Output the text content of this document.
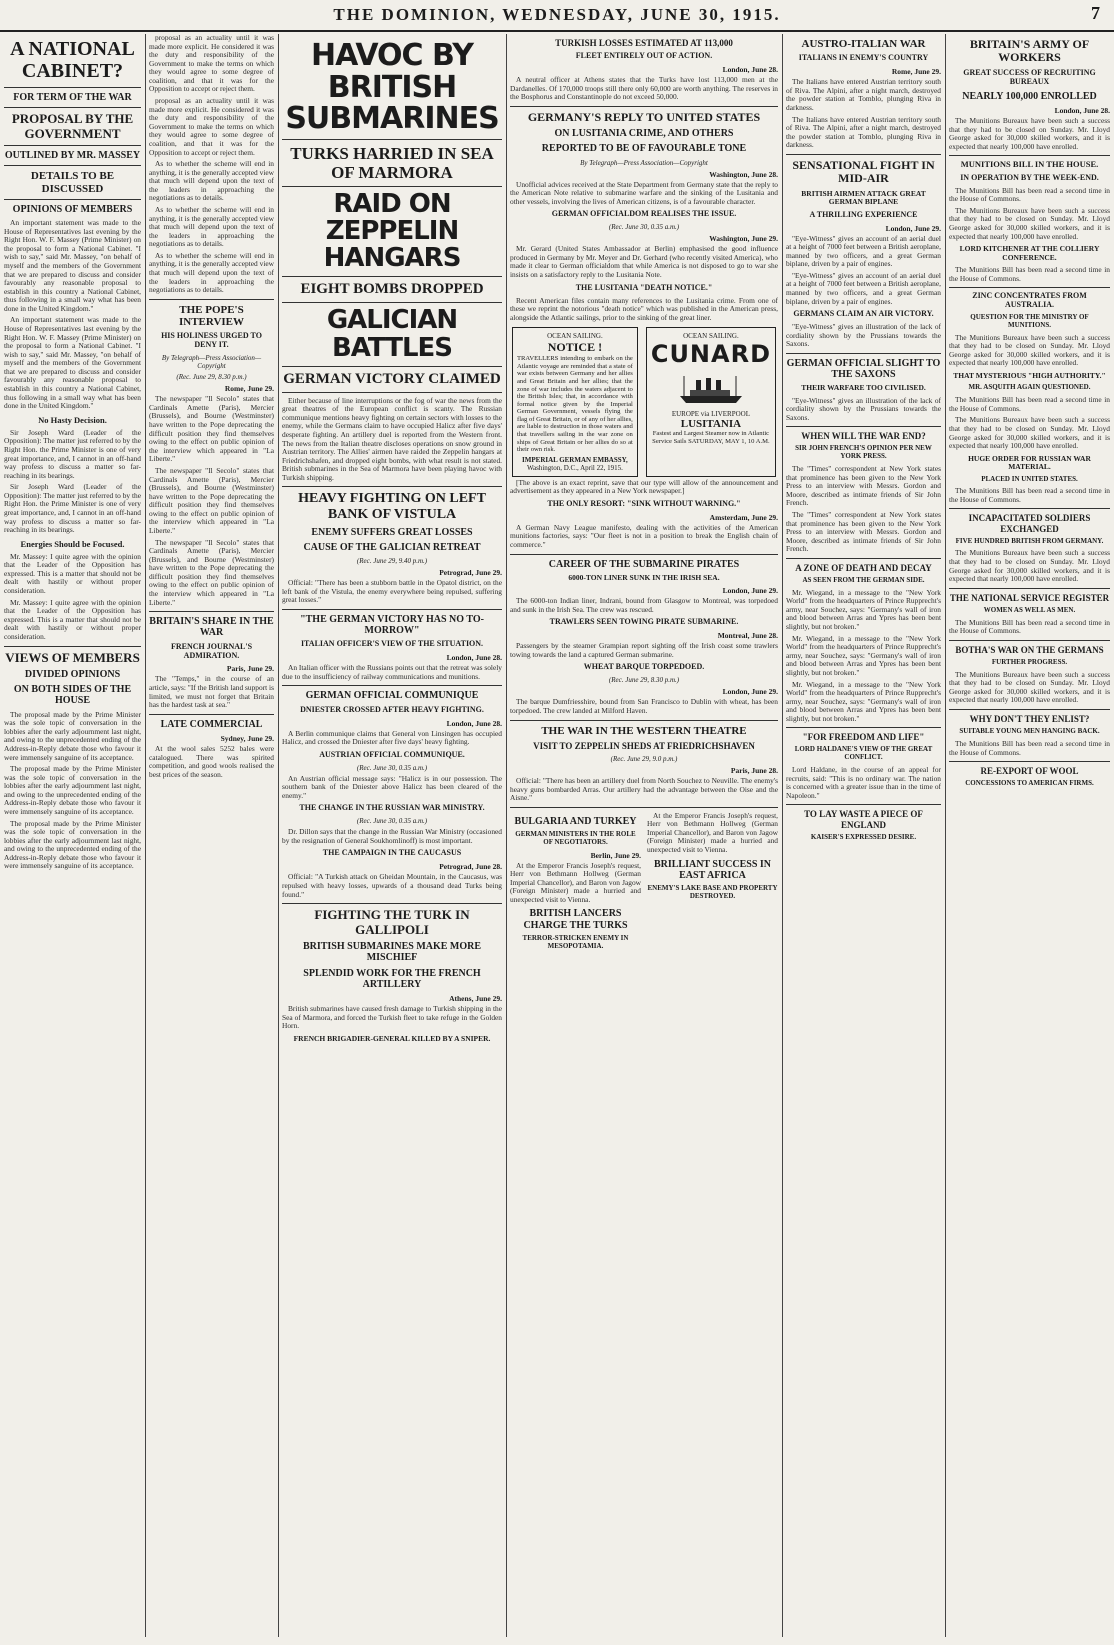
THE DOMINION, WEDNESDAY, JUNE 30, 1915.	7
A NATIONAL CABINET?
FOR TERM OF THE WAR
PROPOSAL BY THE GOVERNMENT
OUTLINED BY MR. MASSEY
DETAILS TO BE DISCUSSED
OPINIONS OF MEMBERS
An important statement was made to the House of Representatives last evening by the Right Hon. W. F. Massey (Prime Minister) on the proposal to form a National Cabinet. "I wish to say," said Mr. Massey, "on behalf of myself and the members of the Government that we are prepared to discuss and consider favourably any reasonable proposal to establish in this country a National Cabinet, thus following in a small way what has been done in the United Kingdom."
An important statement was made to the House of Representatives last evening by the Right Hon. W. F. Massey (Prime Minister) on the proposal to form a National Cabinet. "I wish to say," said Mr. Massey, "on behalf of myself and the members of the Government that we are prepared to discuss and consider favourably any reasonable proposal to establish in this country a National Cabinet, thus following in a small way what has been done in the United Kingdom."
No Hasty Decision.
Sir Joseph Ward (Leader of the Opposition): The matter just referred to by the Right Hon. the Prime Minister is one of very great importance, and, I cannot in an off-hand way profess to discuss a matter so far-reaching in its bearings.
Sir Joseph Ward (Leader of the Opposition): The matter just referred to by the Right Hon. the Prime Minister is one of very great importance, and, I cannot in an off-hand way profess to discuss a matter so far-reaching in its bearings.
Energies Should be Focused.
Mr. Massey: I quite agree with the opinion that the Leader of the Opposition has expressed. This is a matter that should not be dealt with hastily or without proper consideration.
Mr. Massey: I quite agree with the opinion that the Leader of the Opposition has expressed. This is a matter that should not be dealt with hastily or without proper consideration.
VIEWS OF MEMBERS
DIVIDED OPINIONS
ON BOTH SIDES OF THE HOUSE
The proposal made by the Prime Minister was the sole topic of conversation in the lobbies after the early adjournment last night, and owing to the unprecedented ending of the Address-in-Reply debate those who favour it were immensely sanguine of its acceptance.
The proposal made by the Prime Minister was the sole topic of conversation in the lobbies after the early adjournment last night, and owing to the unprecedented ending of the Address-in-Reply debate those who favour it were immensely sanguine of its acceptance.
The proposal made by the Prime Minister was the sole topic of conversation in the lobbies after the early adjournment last night, and owing to the unprecedented ending of the Address-in-Reply debate those who favour it were immensely sanguine of its acceptance.
proposal as an actuality until it was made more explicit. He considered it was the duty and responsibility of the Government to make the terms on which they would agree to some degree of coalition, and that it was for the Opposition to accept or reject them.
proposal as an actuality until it was made more explicit. He considered it was the duty and responsibility of the Government to make the terms on which they would agree to some degree of coalition, and that it was for the Opposition to accept or reject them.
As to whether the scheme will end in anything, it is the generally accepted view that much will depend upon the text of the leaders in approaching the negotiations as to details.
As to whether the scheme will end in anything, it is the generally accepted view that much will depend upon the text of the leaders in approaching the negotiations as to details.
As to whether the scheme will end in anything, it is the generally accepted view that much will depend upon the text of the leaders in approaching the negotiations as to details.
THE POPE'S INTERVIEW
HIS HOLINESS URGED TO DENY IT.
By Telegraph—Press Association—Copyright
(Rec. June 29, 8.30 p.m.)
Rome, June 29.
The newspaper "Il Secolo" states that Cardinals Amette (Paris), Mercier (Brussels), and Bourne (Westminster) have written to the Pope deprecating the difficult position they find themselves owing to the effect on public opinion of the interview which appeared in "La Liberte."
The newspaper "Il Secolo" states that Cardinals Amette (Paris), Mercier (Brussels), and Bourne (Westminster) have written to the Pope deprecating the difficult position they find themselves owing to the effect on public opinion of the interview which appeared in "La Liberte."
The newspaper "Il Secolo" states that Cardinals Amette (Paris), Mercier (Brussels), and Bourne (Westminster) have written to the Pope deprecating the difficult position they find themselves owing to the effect on public opinion of the interview which appeared in "La Liberte."
BRITAIN'S SHARE IN THE WAR
FRENCH JOURNAL'S ADMIRATION.
Paris, June 29.
The "Temps," in the course of an article, says: "If the British land support is limited, we must not forget that Britain has the hardest task at sea."
LATE COMMERCIAL
Sydney, June 29.
At the wool sales 5252 bales were catalogued. There was spirited competition, and good wools realised the best prices of the season.
HAVOC BY BRITISH SUBMARINES
TURKS HARRIED IN SEA OF MARMORA
RAID ON ZEPPELIN HANGARS
EIGHT BOMBS DROPPED
GALICIAN BATTLES
GERMAN VICTORY CLAIMED
Either because of line interruptions or the fog of war the news from the great theatres of the European conflict is scanty. The Russian communique mentions heavy fighting on certain sectors with losses to the enemy, while the Germans claim to have occupied Halicz after five days' desperate fighting. An artillery duel is reported from the Western front. The news from the Italian theatre discloses operations on snow ground in Austrian territory. The Allies' airmen have raided the Zeppelin hangars at Friedrichshafen, and dropped eight bombs, with what result is not stated. British submarines in the Sea of Marmora have been playing havoc with Turkish shipping.
HEAVY FIGHTING ON LEFT BANK OF VISTULA
ENEMY SUFFERS GREAT LOSSES
CAUSE OF THE GALICIAN RETREAT
(Rec. June 29, 9.40 p.m.)
Petrograd, June 29.
Official: "There has been a stubborn battle in the Opatol district, on the left bank of the Vistula, the enemy everywhere being repulsed, suffering great losses."
"THE GERMAN VICTORY HAS NO TO-MORROW"
ITALIAN OFFICER'S VIEW OF THE SITUATION.
London, June 28.
An Italian officer with the Russians points out that the retreat was solely due to the insufficiency of railway communications and munitions.
GERMAN OFFICIAL COMMUNIQUE
DNIESTER CROSSED AFTER HEAVY FIGHTING.
London, June 28.
A Berlin communique claims that General von Linsingen has occupied Halicz, and crossed the Dniester after five days' heavy fighting.
AUSTRIAN OFFICIAL COMMUNIQUE.
(Rec. June 30, 0.35 a.m.)
An Austrian official message says: "Halicz is in our possession. The southern bank of the Dniester above Halicz has been cleared of the enemy."
THE CHANGE IN THE RUSSIAN WAR MINISTRY.
(Rec. June 30, 0.35 a.m.)
Dr. Dillon says that the change in the Russian War Ministry (occasioned by the resignation of General Soukhomlinoff) is most important.
THE CAMPAIGN IN THE CAUCASUS
Petrograd, June 28.
Official: "A Turkish attack on Gheidan Mountain, in the Caucasus, was repulsed with heavy losses, upwards of a thousand dead Turks being found."
FIGHTING THE TURK IN GALLIPOLI
BRITISH SUBMARINES MAKE MORE MISCHIEF
SPLENDID WORK FOR THE FRENCH ARTILLERY
Athens, June 29.
British submarines have caused fresh damage to Turkish shipping in the Sea of Marmora, and forced the Turkish fleet to take refuge in the Golden Horn.
FRENCH BRIGADIER-GENERAL KILLED BY A SNIPER.
TURKISH LOSSES ESTIMATED AT 113,000
FLEET ENTIRELY OUT OF ACTION.
London, June 28.
A neutral officer at Athens states that the Turks have lost 113,000 men at the Dardanelles. Of 170,000 troops still there only 60,000 are worth anything. The reserves in the Bosphorus and Constantinople do not exceed 50,000.
GERMANY'S REPLY TO UNITED STATES
ON LUSITANIA CRIME, AND OTHERS
REPORTED TO BE OF FAVOURABLE TONE
By Telegraph—Press Association—Copyright
Washington, June 28.
Unofficial advices received at the State Department from Germany state that the reply to the American Note relative to submarine warfare and the sinking of the Lusitania and other vessels, involving the lives of American citizens, is of a favourable character.
GERMAN OFFICIALDOM REALISES THE ISSUE.
(Rec. June 30, 0.35 a.m.)
Washington, June 29.
Mr. Gerard (United States Ambassador at Berlin) emphasised the good influence produced in Germany by Mr. Meyer and Dr. Gerhard (who recently visited America), who made it clear to German officialdom that while America is not disposed to go to war she insists on a satisfactory reply to the Lusitania Note.
THE LUSITANIA "DEATH NOTICE."
Recent American files contain many references to the Lusitania crime. From one of these we reprint the notorious "death notice" which was published in the American press, alongside the Atlantic sailings, prior to the sinking of the great liner.
OCEAN SAILING.
NOTICE !
TRAVELLERS intending to embark on the Atlantic voyage are reminded that a state of war exists between Germany and her allies and Great Britain and her allies; that the zone of war includes the waters adjacent to the British Isles; that, in accordance with formal notice given by the Imperial German Government, vessels flying the flag of Great Britain, or of any of her allies, are liable to destruction in those waters and that travellers sailing in the war zone on ships of Great Britain or her allies do so at their own risk.
IMPERIAL GERMAN EMBASSY,
Washington, D.C., April 22, 1915.
OCEAN SAILING.
CUNARD
EUROPE via LIVERPOOL
LUSITANIA
Fastest and Largest Steamer now in Atlantic Service Sails SATURDAY, MAY 1, 10 A.M.
[The above is an exact reprint, save that our type will allow of the announcement and advertisement as they appeared in a New York newspaper.]
THE ONLY RESORT: "SINK WITHOUT WARNING."
Amsterdam, June 29.
A German Navy League manifesto, dealing with the activities of the American munitions factories, says: "Our fleet is not in a position to break the English chain of commerce."
CAREER OF THE SUBMARINE PIRATES
6000-TON LINER SUNK IN THE IRISH SEA.
London, June 29.
The 6000-ton Indian liner, Indrani, bound from Glasgow to Montreal, was torpedoed and sunk in the Irish Sea. The crew was rescued.
TRAWLERS SEEN TOWING PIRATE SUBMARINE.
Montreal, June 28.
Passengers by the steamer Grampian report sighting off the Irish coast some trawlers towing towards the land a captured German submarine.
WHEAT BARQUE TORPEDOED.
(Rec. June 29, 8.30 p.m.)
London, June 29.
The barque Dumfriesshire, bound from San Francisco to Dublin with wheat, has been torpedoed. The crew landed at Milford Haven.
THE WAR IN THE WESTERN THEATRE
VISIT TO ZEPPELIN SHEDS AT FRIEDRICHSHAVEN
(Rec. June 29, 9.0 p.m.)
Paris, June 28.
Official: "There has been an artillery duel from North Souchez to Neuville. The enemy's heavy guns bombarded Arras. Our artillery had the advantage between the Oise and the Aisne."
BULGARIA AND TURKEY
GERMAN MINISTERS IN THE ROLE OF NEGOTIATORS.
Berlin, June 29.
At the Emperor Francis Joseph's request, Herr von Bethmann Hollweg (German Imperial Chancellor), and Baron von Jagow (Foreign Minister) made a hurried and unexpected visit to Vienna.
BRITISH LANCERS CHARGE THE TURKS
TERROR-STRICKEN ENEMY IN MESOPOTAMIA.
At the Emperor Francis Joseph's request, Herr von Bethmann Hollweg (German Imperial Chancellor), and Baron von Jagow (Foreign Minister) made a hurried and unexpected visit to Vienna.
BRILLIANT SUCCESS IN EAST AFRICA
ENEMY'S LAKE BASE AND PROPERTY DESTROYED.
AUSTRO-ITALIAN WAR
ITALIANS IN ENEMY'S COUNTRY
Rome, June 29.
The Italians have entered Austrian territory south of Riva. The Alpini, after a night march, destroyed the powder station at Tomblo, plunging Riva in darkness.
The Italians have entered Austrian territory south of Riva. The Alpini, after a night march, destroyed the powder station at Tomblo, plunging Riva in darkness.
SENSATIONAL FIGHT IN MID-AIR
BRITISH AIRMEN ATTACK GREAT GERMAN BIPLANE
A THRILLING EXPERIENCE
London, June 29.
"Eye-Witness" gives an account of an aerial duel at a height of 7000 feet between a British aeroplane, manned by two officers, and a great German biplane, driven by a pair of engines.
"Eye-Witness" gives an account of an aerial duel at a height of 7000 feet between a British aeroplane, manned by two officers, and a great German biplane, driven by a pair of engines.
GERMANS CLAIM AN AIR VICTORY.
"Eye-Witness" gives an illustration of the lack of cordiality shown by the Prussians towards the Saxons.
GERMAN OFFICIAL SLIGHT TO THE SAXONS
THEIR WARFARE TOO CIVILISED.
"Eye-Witness" gives an illustration of the lack of cordiality shown by the Prussians towards the Saxons.
WHEN WILL THE WAR END?
SIR JOHN FRENCH'S OPINION PER NEW YORK PRESS.
The "Times" correspondent at New York states that prominence has been given to the New York Press to an interview with Messrs. Gordon and Moore, described as intimate friends of Sir John French.
The "Times" correspondent at New York states that prominence has been given to the New York Press to an interview with Messrs. Gordon and Moore, described as intimate friends of Sir John French.
A ZONE OF DEATH AND DECAY
AS SEEN FROM THE GERMAN SIDE.
Mr. Wiegand, in a message to the "New York World" from the headquarters of Prince Rupprecht's army, near Souchez, says: "Germany's wall of iron and blood between Arras and Ypres has been bent slightly, but not broken."
Mr. Wiegand, in a message to the "New York World" from the headquarters of Prince Rupprecht's army, near Souchez, says: "Germany's wall of iron and blood between Arras and Ypres has been bent slightly, but not broken."
Mr. Wiegand, in a message to the "New York World" from the headquarters of Prince Rupprecht's army, near Souchez, says: "Germany's wall of iron and blood between Arras and Ypres has been bent slightly, but not broken."
"FOR FREEDOM AND LIFE"
LORD HALDANE'S VIEW OF THE GREAT CONFLICT.
Lord Haldane, in the course of an appeal for recruits, said: "This is no ordinary war. The nation is concerned with a greater issue than in the time of Napoleon."
TO LAY WASTE A PIECE OF ENGLAND
KAISER'S EXPRESSED DESIRE.
BRITAIN'S ARMY OF WORKERS
GREAT SUCCESS OF RECRUITING BUREAUX
NEARLY 100,000 ENROLLED
London, June 28.
The Munitions Bureaux have been such a success that they had to be closed on Sunday. Mr. Lloyd George asked for 30,000 skilled workers, and it is expected that nearly 100,000 have enrolled.
MUNITIONS BILL IN THE HOUSE.
IN OPERATION BY THE WEEK-END.
The Munitions Bill has been read a second time in the House of Commons.
The Munitions Bureaux have been such a success that they had to be closed on Sunday. Mr. Lloyd George asked for 30,000 skilled workers, and it is expected that nearly 100,000 have enrolled.
LORD KITCHENER AT THE COLLIERY CONFERENCE.
The Munitions Bill has been read a second time in the House of Commons.
ZINC CONCENTRATES FROM AUSTRALIA.
QUESTION FOR THE MINISTRY OF MUNITIONS.
The Munitions Bureaux have been such a success that they had to be closed on Sunday. Mr. Lloyd George asked for 30,000 skilled workers, and it is expected that nearly 100,000 have enrolled.
THAT MYSTERIOUS "HIGH AUTHORITY."
MR. ASQUITH AGAIN QUESTIONED.
The Munitions Bill has been read a second time in the House of Commons.
The Munitions Bureaux have been such a success that they had to be closed on Sunday. Mr. Lloyd George asked for 30,000 skilled workers, and it is expected that nearly 100,000 have enrolled.
HUGE ORDER FOR RUSSIAN WAR MATERIAL.
PLACED IN UNITED STATES.
The Munitions Bill has been read a second time in the House of Commons.
INCAPACITATED SOLDIERS EXCHANGED
FIVE HUNDRED BRITISH FROM GERMANY.
The Munitions Bureaux have been such a success that they had to be closed on Sunday. Mr. Lloyd George asked for 30,000 skilled workers, and it is expected that nearly 100,000 have enrolled.
THE NATIONAL SERVICE REGISTER
WOMEN AS WELL AS MEN.
The Munitions Bill has been read a second time in the House of Commons.
BOTHA'S WAR ON THE GERMANS
FURTHER PROGRESS.
The Munitions Bureaux have been such a success that they had to be closed on Sunday. Mr. Lloyd George asked for 30,000 skilled workers, and it is expected that nearly 100,000 have enrolled.
WHY DON'T THEY ENLIST?
SUITABLE YOUNG MEN HANGING BACK.
The Munitions Bill has been read a second time in the House of Commons.
RE-EXPORT OF WOOL
CONCESSIONS TO AMERICAN FIRMS.
